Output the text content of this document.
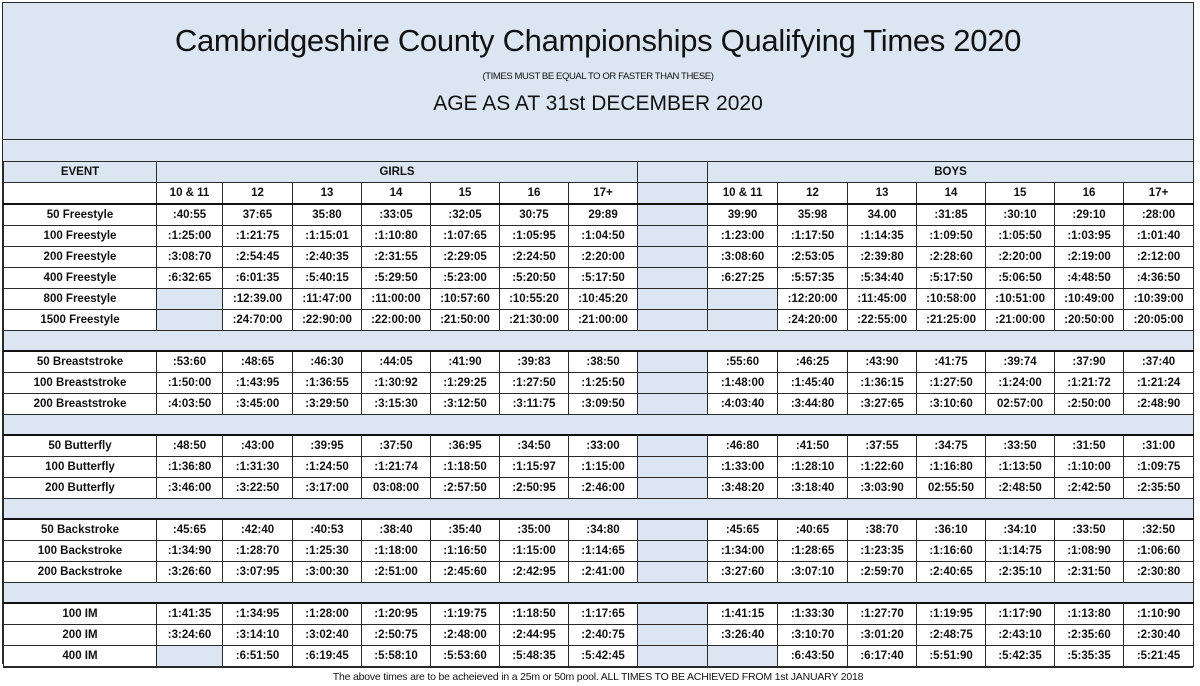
Cambridgeshire County Championships Qualifying Times 2020
(TIMES MUST BE EQUAL TO OR FASTER THAN THESE)
AGE AS AT 31st DECEMBER 2020
EVENT	GIRLS								BOYS						
	10 & 11	12	13	14	15	16	17+		10 & 11	12	13	14	15	16	17+
50 Freestyle	:40:55	37:65	35:80	:33:05	:32:05	30:75	29:89		39:90	35:98	34.00	:31:85	:30:10	:29:10	:28:00
100 Freestyle	:1:25:00	:1:21:75	:1:15:01	:1:10:80	:1:07:65	:1:05:95	:1:04:50		:1:23:00	:1:17:50	:1:14:35	:1:09:50	:1:05:50	:1:03:95	:1:01:40
200 Freestyle	:3:08:70	:2:54:45	:2:40:35	:2:31:55	:2:29:05	:2:24:50	:2:20:00		:3:08:60	:2:53:05	:2:39:80	:2:28:60	:2:20:00	:2:19:00	:2:12:00
400 Freestyle	:6:32:65	:6:01:35	:5:40:15	:5:29:50	:5:23:00	:5:20:50	:5:17:50		:6:27:25	:5:57:35	:5:34:40	:5:17:50	:5:06:50	:4:48:50	:4:36:50
800 Freestyle		:12:39.00	:11:47:00	:11:00:00	:10:57:60	:10:55:20	:10:45:20			:12:20:00	:11:45:00	:10:58:00	:10:51:00	:10:49:00	:10:39:00
1500 Freestyle		:24:70:00	:22:90:00	:22:00:00	:21:50:00	:21:30:00	:21:00:00			:24:20:00	:22:55:00	:21:25:00	:21:00:00	:20:50:00	:20:05:00

50 Breaststroke	:53:60	:48:65	:46:30	:44:05	:41:90	:39:83	:38:50		:55:60	:46:25	:43:90	:41:75	:39:74	:37:90	:37:40
100 Breaststroke	:1:50:00	:1:43:95	:1:36:55	:1:30:92	:1:29:25	:1:27:50	:1:25:50		:1:48:00	:1:45:40	:1:36:15	:1:27:50	:1:24:00	:1:21:72	:1:21:24
200 Breaststroke	:4:03:50	:3:45:00	:3:29:50	:3:15:30	:3:12:50	:3:11:75	:3:09:50		:4:03:40	:3:44:80	:3:27:65	:3:10:60	02:57:00	:2:50:00	:2:48:90

50 Butterfly	:48:50	:43:00	:39:95	:37:50	:36:95	:34:50	:33:00		:46:80	:41:50	:37:55	:34:75	:33:50	:31:50	:31:00
100 Butterfly	:1:36:80	:1:31:30	:1:24:50	:1:21:74	:1:18:50	:1:15:97	:1:15:00		:1:33:00	:1:28:10	:1:22:60	:1:16:80	:1:13:50	:1:10:00	:1:09:75
200 Butterfly	:3:46:00	:3:22:50	:3:17:00	03:08:00	:2:57:50	:2:50:95	:2:46:00		:3:48:20	:3:18:40	:3:03:90	02:55:50	:2:48:50	:2:42:50	:2:35:50

50 Backstroke	:45:65	:42:40	:40:53	:38:40	:35:40	:35:00	:34:80		:45:65	:40:65	:38:70	:36:10	:34:10	:33:50	:32:50
100 Backstroke	:1:34:90	:1:28:70	:1:25:30	:1:18:00	:1:16:50	:1:15:00	:1:14:65		:1:34:00	:1:28:65	:1:23:35	:1:16:60	:1:14:75	:1:08:90	:1:06:60
200 Backstroke	:3:26:60	:3:07:95	:3:00:30	:2:51:00	:2:45:60	:2:42:95	:2:41:00		:3:27:60	:3:07:10	:2:59:70	:2:40:65	:2:35:10	:2:31:50	:2:30:80

100 IM	:1:41:35	:1:34:95	:1:28:00	:1:20:95	:1:19:75	:1:18:50	:1:17:65		:1:41:15	:1:33:30	:1:27:70	:1:19:95	:1:17:90	:1:13:80	:1:10:90
200 IM	:3:24:60	:3:14:10	:3:02:40	:2:50:75	:2:48:00	:2:44:95	:2:40:75		:3:26:40	:3:10:70	:3:01:20	:2:48:75	:2:43:10	:2:35:60	:2:30:40
400 IM		:6:51:50	:6:19:45	:5:58:10	:5:53:60	:5:48:35	:5:42:45			:6:43:50	:6:17:40	:5:51:90	:5:42:35	:5:35:35	:5:21:45
The above times are to be acheieved in a 25m or 50m pool. ALL TIMES TO BE ACHIEVED FROM 1st JANUARY 2018
